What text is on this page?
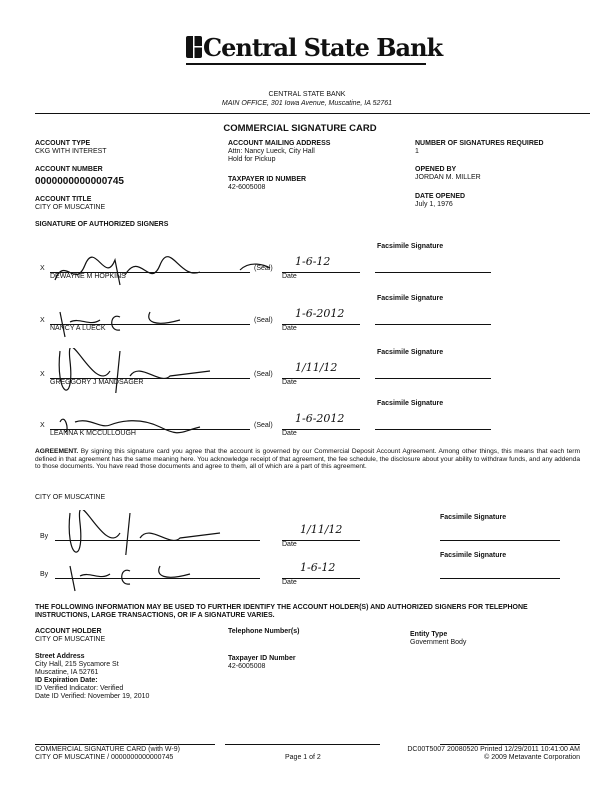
Central State Bank
CENTRAL STATE BANK
MAIN OFFICE, 301 Iowa Avenue, Muscatine, IA 52761
COMMERCIAL SIGNATURE CARD
ACCOUNT TYPE
CKG WITH INTEREST
ACCOUNT NUMBER
0000000000000745
ACCOUNT TITLE
CITY OF MUSCATINE
ACCOUNT MAILING ADDRESS
Attn: Nancy Lueck, City Hall
Hold for Pickup
TAXPAYER ID NUMBER
42-6005008
NUMBER OF SIGNATURES REQUIRED
1
OPENED BY
JORDAN M. MILLER
DATE OPENED
July 1, 1976
SIGNATURE OF AUTHORIZED SIGNERS
X
DEWAYNE M HOPKINS
(Seal)
1-6-12
Date
Facsimile Signature
X
NANCY A LUECK
(Seal)
1-6-2012
Date
Facsimile Signature
X
GREGGORY J MANDSAGER
(Seal)
1/11/12
Date
Facsimile Signature
X
LEANNA K MCCULLOUGH
(Seal)
1-6-2012
Date
Facsimile Signature
AGREEMENT. By signing this signature card you agree that the account is governed by our Commercial Deposit Account Agreement. Among other things, this means that each term defined in that agreement has the same meaning here. You acknowledge receipt of that agreement, the fee schedule, the disclosure about your ability to withdraw funds, and any addenda to those documents. You have read those documents and agree to them, all of which are a part of this agreement.
CITY OF MUSCATINE
By
1/11/12
Date
Facsimile Signature
By
1-6-12
Date
Facsimile Signature
THE FOLLOWING INFORMATION MAY BE USED TO FURTHER IDENTIFY THE ACCOUNT HOLDER(S) AND AUTHORIZED SIGNERS FOR TELEPHONE INSTRUCTIONS, LARGE TRANSACTIONS, OR IF A SIGNATURE VARIES.
ACCOUNT HOLDER
CITY OF MUSCATINE
Street Address
City Hall, 215 Sycamore St
Muscatine, IA 52761
ID Expiration Date:
ID Verified Indicator: Verified
Date ID Verified: November 19, 2010
Telephone Number(s)
Taxpayer ID Number
42-6005008
Entity Type
Government Body
COMMERCIAL SIGNATURE CARD (with W-9)
CITY OF MUSCATINE / 0000000000000745	Page 1 of 2
DC00T5007 20080520 Printed 12/29/2011 10:41:00 AM
© 2009 Metavante Corporation
